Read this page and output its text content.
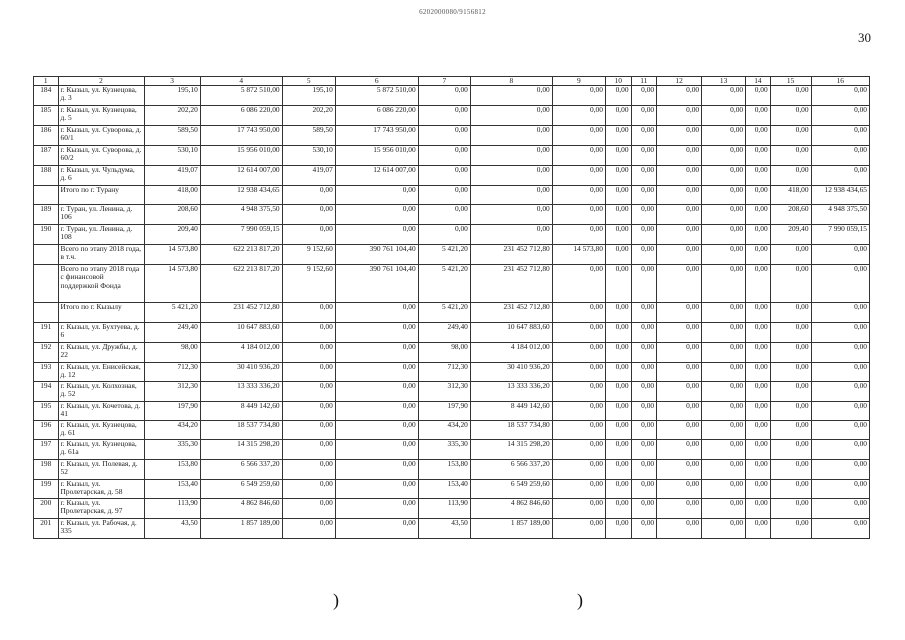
6202000080/9156812
30
1	2	3	4	5	6	7	8	9	10	11	12	13	14	15	16
184	г. Кызыл, ул. Кузнецова, д. 3	195,10	5 872 510,00	195,10	5 872 510,00	0,00	0,00	0,00	0,00	0,00	0,00	0,00	0,00	0,00	0,00
185	г. Кызыл, ул. Кузнецова, д. 5	202,20	6 086 220,00	202,20	6 086 220,00	0,00	0,00	0,00	0,00	0,00	0,00	0,00	0,00	0,00	0,00
186	г. Кызыл, ул. Суворова, д. 60/1	589,50	17 743 950,00	589,50	17 743 950,00	0,00	0,00	0,00	0,00	0,00	0,00	0,00	0,00	0,00	0,00
187	г. Кызыл, ул. Суворова, д. 60/2	530,10	15 956 010,00	530,10	15 956 010,00	0,00	0,00	0,00	0,00	0,00	0,00	0,00	0,00	0,00	0,00
188	г. Кызыл, ул. Чульдума, д. 6	419,07	12 614 007,00	419,07	12 614 007,00	0,00	0,00	0,00	0,00	0,00	0,00	0,00	0,00	0,00	0,00
	Итого по г. Турану	418,00	12 938 434,65	0,00	0,00	0,00	0,00	0,00	0,00	0,00	0,00	0,00	0,00	418,00	12 938 434,65
189	г. Туран, ул. Ленина, д. 106	208,60	4 948 375,50	0,00	0,00	0,00	0,00	0,00	0,00	0,00	0,00	0,00	0,00	208,60	4 948 375,50
190	г. Туран, ул. Ленина, д. 108	209,40	7 990 059,15	0,00	0,00	0,00	0,00	0,00	0,00	0,00	0,00	0,00	0,00	209,40	7 990 059,15
	Всего по этапу 2018 года, в т.ч.	14 573,80	622 213 817,20	9 152,60	390 761 104,40	5 421,20	231 452 712,80	14 573,80	0,00	0,00	0,00	0,00	0,00	0,00	0,00
	Всего по этапу 2018 года с финансовой поддержкой Фонда	14 573,80	622 213 817,20	9 152,60	390 761 104,40	5 421,20	231 452 712,80	0,00	0,00	0,00	0,00	0,00	0,00	0,00	0,00
	Итого по г. Кызылу	5 421,20	231 452 712,80	0,00	0,00	5 421,20	231 452 712,80	0,00	0,00	0,00	0,00	0,00	0,00	0,00	0,00
191	г. Кызыл, ул. Бухтуева, д. 6	249,40	10 647 883,60	0,00	0,00	249,40	10 647 883,60	0,00	0,00	0,00	0,00	0,00	0,00	0,00	0,00
192	г. Кызыл, ул. Дружбы, д. 22	98,00	4 184 012,00	0,00	0,00	98,00	4 184 012,00	0,00	0,00	0,00	0,00	0,00	0,00	0,00	0,00
193	г. Кызыл, ул. Енисейская, д. 12	712,30	30 410 936,20	0,00	0,00	712,30	30 410 936,20	0,00	0,00	0,00	0,00	0,00	0,00	0,00	0,00
194	г. Кызыл, ул. Колхозная, д. 52	312,30	13 333 336,20	0,00	0,00	312,30	13 333 336,20	0,00	0,00	0,00	0,00	0,00	0,00	0,00	0,00
195	г. Кызыл, ул. Кочетова, д. 41	197,90	8 449 142,60	0,00	0,00	197,90	8 449 142,60	0,00	0,00	0,00	0,00	0,00	0,00	0,00	0,00
196	г. Кызыл, ул. Кузнецова, д. 61	434,20	18 537 734,80	0,00	0,00	434,20	18 537 734,80	0,00	0,00	0,00	0,00	0,00	0,00	0,00	0,00
197	г. Кызыл, ул. Кузнецова, д. 61а	335,30	14 315 298,20	0,00	0,00	335,30	14 315 298,20	0,00	0,00	0,00	0,00	0,00	0,00	0,00	0,00
198	г. Кызыл, ул. Полевая, д. 52	153,80	6 566 337,20	0,00	0,00	153,80	6 566 337,20	0,00	0,00	0,00	0,00	0,00	0,00	0,00	0,00
199	г. Кызыл, ул. Пролетарская, д. 58	153,40	6 549 259,60	0,00	0,00	153,40	6 549 259,60	0,00	0,00	0,00	0,00	0,00	0,00	0,00	0,00
200	г. Кызыл, ул. Пролетарская, д. 97	113,90	4 862 846,60	0,00	0,00	113,90	4 862 846,60	0,00	0,00	0,00	0,00	0,00	0,00	0,00	0,00
201	г. Кызыл, ул. Рабочая, д. 335	43,50	1 857 189,00	0,00	0,00	43,50	1 857 189,00	0,00	0,00	0,00	0,00	0,00	0,00	0,00	0,00
)	)
